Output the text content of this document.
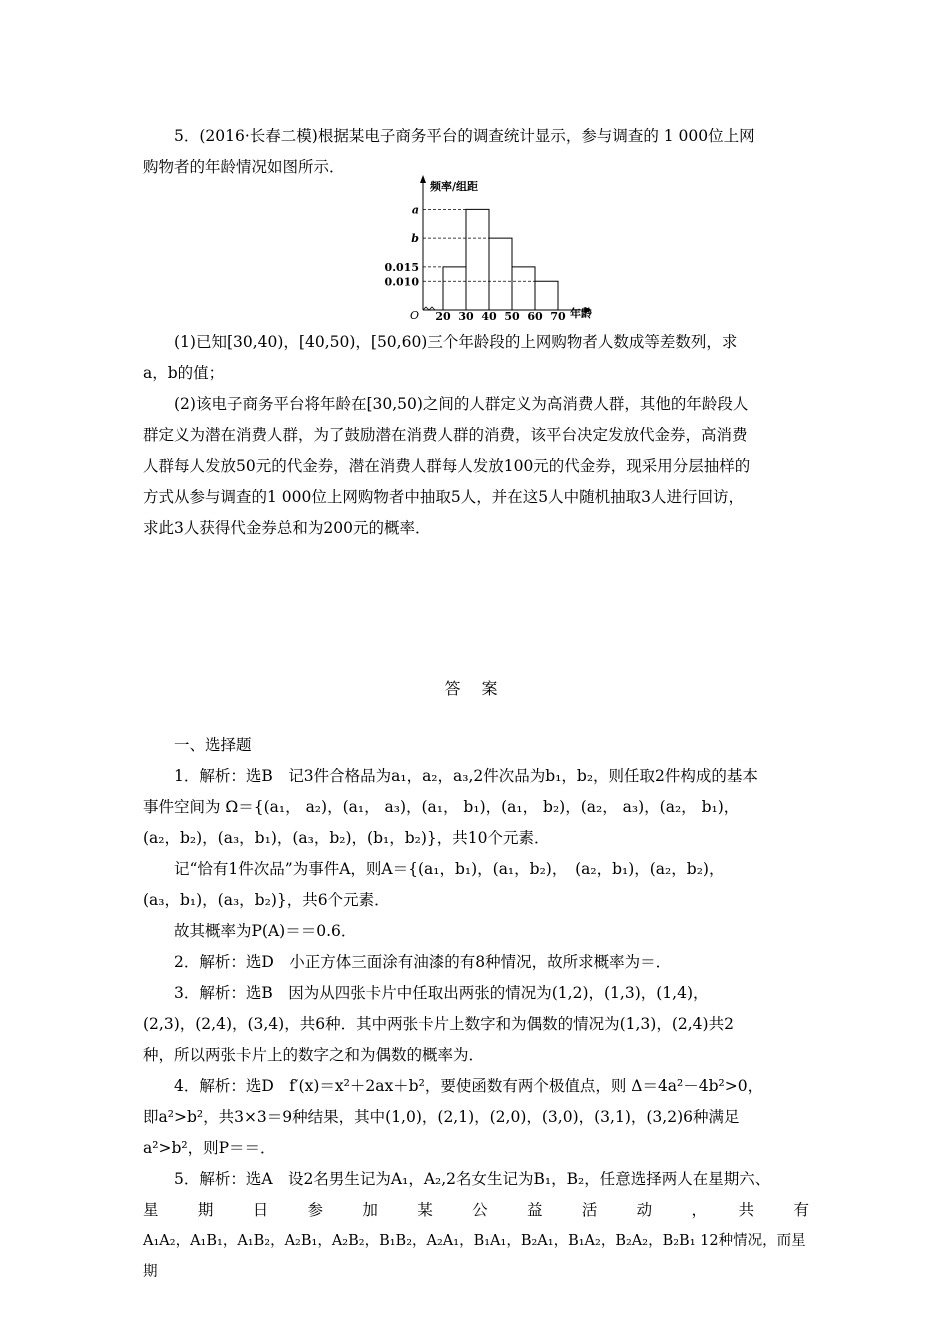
5．(2016·长春二模)根据某电子商务平台的调查统计显示，参与调查的 1 000位上网

购物者的年龄情况如图所示．

频率/组距
年龄
O 20 30 40 50 60 70
a
b
0.015
0.010

(1)已知[30,40)，[40,50)，[50,60)三个年龄段的上网购物者人数成等差数列，求

a，b的值；

(2)该电子商务平台将年龄在[30,50)之间的人群定义为高消费人群，其他的年龄段人

群定义为潜在消费人群，为了鼓励潜在消费人群的消费，该平台决定发放代金券，高消费

人群每人发放50元的代金券，潜在消费人群每人发放100元的代金券，现采用分层抽样的

方式从参与调查的1 000位上网购物者中抽取5人，并在这5人中随机抽取3人进行回访，

求此3人获得代金券总和为200元的概率．

答 案

一、选择题

1．解析：选B　记3件合格品为a₁，a₂，a₃,2件次品为b₁，b₂，则任取2件构成的基本

事件空间为 Ω＝{(a₁， a₂)，(a₁， a₃)，(a₁， b₁)，(a₁， b₂)，(a₂， a₃)，(a₂， b₁)，

(a₂，b₂)，(a₃，b₁)，(a₃，b₂)，(b₁，b₂)}，共10个元素．

记“恰有1件次品”为事件A，则A＝{(a₁，b₁)，(a₁，b₂)，　(a₂，b₁)，(a₂，b₂)，

(a₃，b₁)，(a₃，b₂)}，共6个元素．

故其概率为P(A)＝＝0.6．

2．解析：选D　小正方体三面涂有油漆的有8种情况，故所求概率为＝．

3．解析：选B　因为从四张卡片中任取出两张的情况为(1,2)，(1,3)，(1,4)，

(2,3)，(2,4)，(3,4)，共6种．其中两张卡片上数字和为偶数的情况为(1,3)，(2,4)共2

种，所以两张卡片上的数字之和为偶数的概率为．

4．解析：选D　f′(x)＝x²＋2ax＋b²，要使函数有两个极值点，则 Δ＝4a²－4b²>0，

即a²>b²，共3×3＝9种结果，其中(1,0)，(2,1)，(2,0)，(3,0)，(3,1)，(3,2)6种满足

a²>b²，则P＝＝．

5．解析：选A　设2名男生记为A₁，A₂,2名女生记为B₁，B₂，任意选择两人在星期六、

星　期　日　参　加　某　公　益　活　动　，　共　有

A₁A₂，A₁B₁，A₁B₂，A₂B₁，A₂B₂，B₁B₂，A₂A₁，B₁A₁，B₂A₁，B₁A₂，B₂A₂，B₂B₁ 12种情况，而星期
